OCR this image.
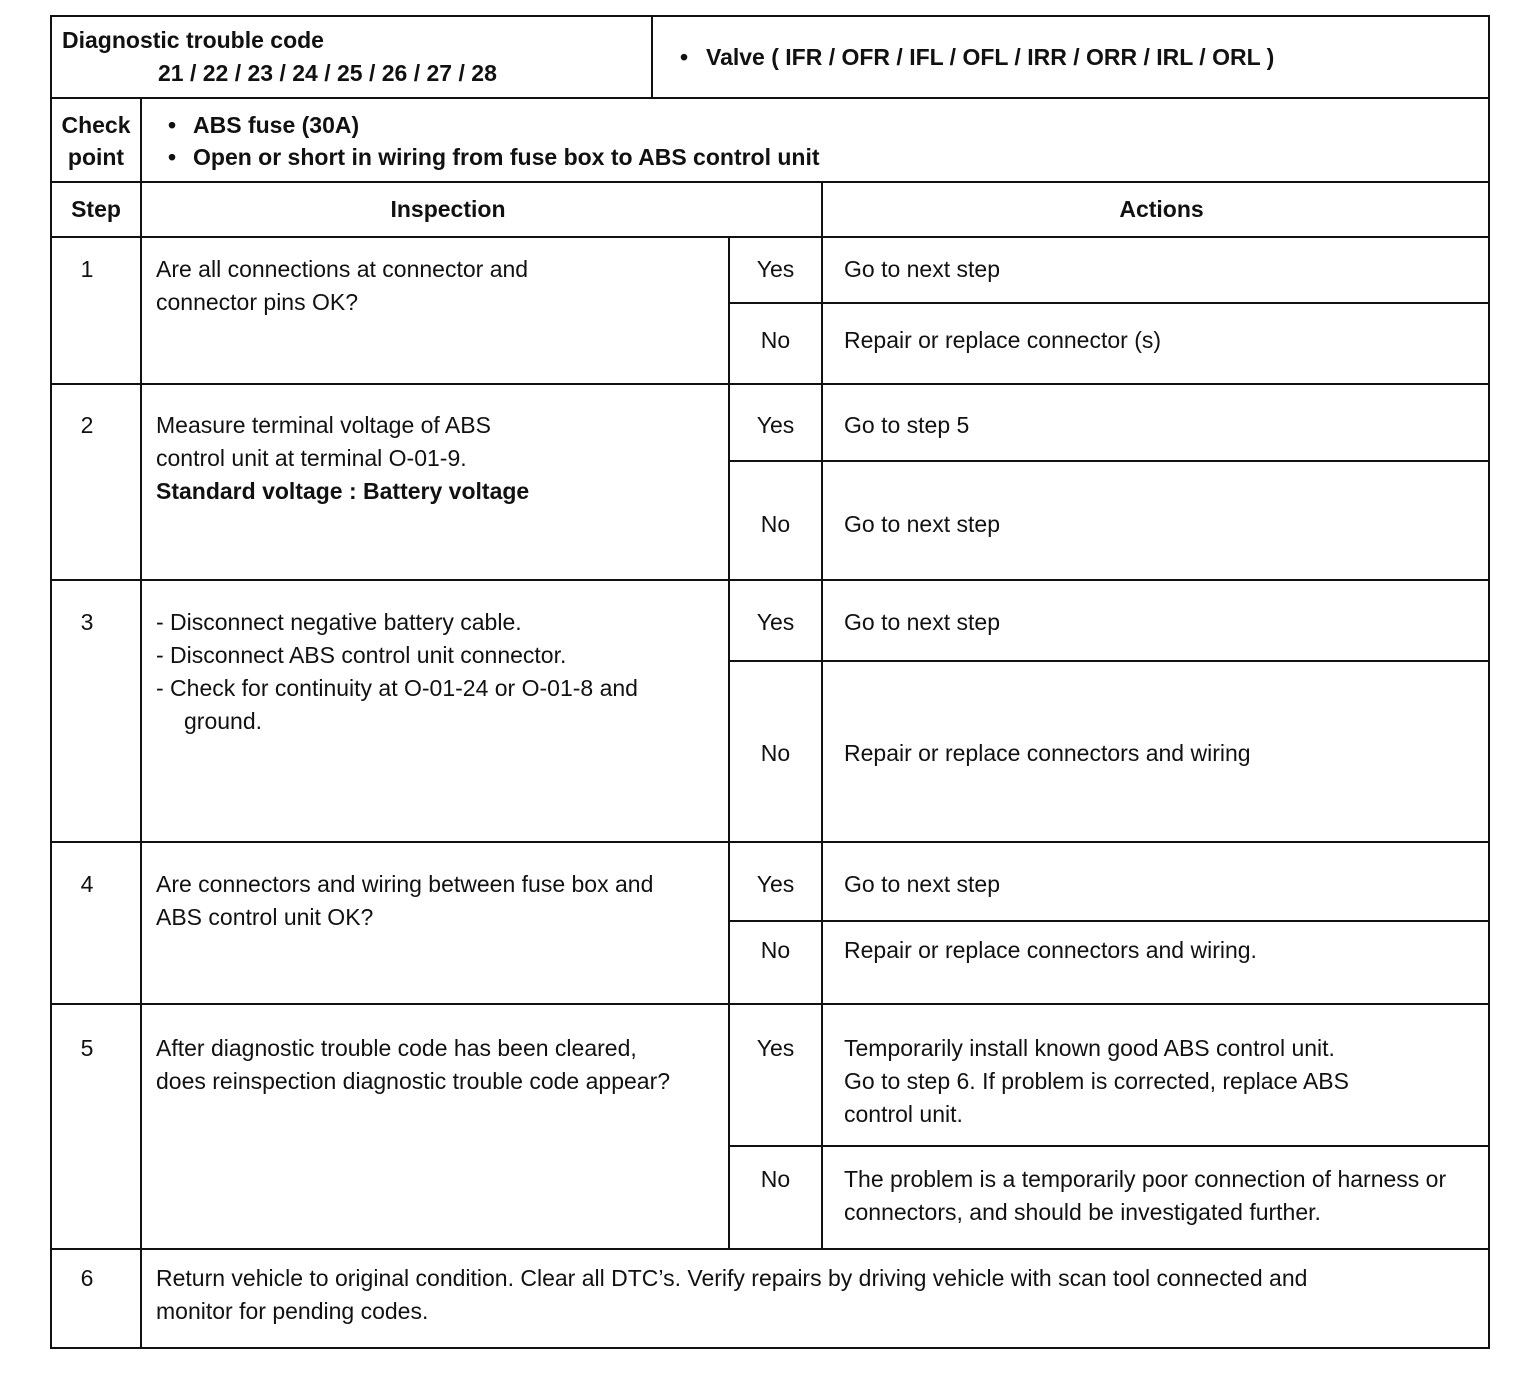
Diagnostic trouble code
21 / 22 / 23 / 24 / 25 / 26 / 27 / 28
• Valve ( IFR / OFR / IFL / OFL / IRR / ORR / IRL / ORL )
Check
point
• ABS fuse (30A)
• Open or short in wiring from fuse box to ABS control unit
Step	Inspection	Actions
1	Are all connections at connector and
connector pins OK?
Yes	Go to next step
No	Repair or replace connector (s)
2	Measure terminal voltage of ABS
control unit at terminal O-01-9.
Standard voltage : Battery voltage
Yes	Go to step 5
No	Go to next step
3	- Disconnect negative battery cable.
- Disconnect ABS control unit connector.
- Check for continuity at O-01-24 or O-01-8 and
ground.
Yes	Go to next step
No	Repair or replace connectors and wiring
4	Are connectors and wiring between fuse box and
ABS control unit OK?
Yes	Go to next step
No	Repair or replace connectors and wiring.
5	After diagnostic trouble code has been cleared,
does reinspection diagnostic trouble code appear?
Yes	Temporarily install known good ABS control unit.
Go to step 6. If problem is corrected, replace ABS
control unit.
No	The problem is a temporarily poor connection of harness or
connectors, and should be investigated further.
6	Return vehicle to original condition. Clear all DTC’s. Verify repairs by driving vehicle with scan tool connected and
monitor for pending codes.
